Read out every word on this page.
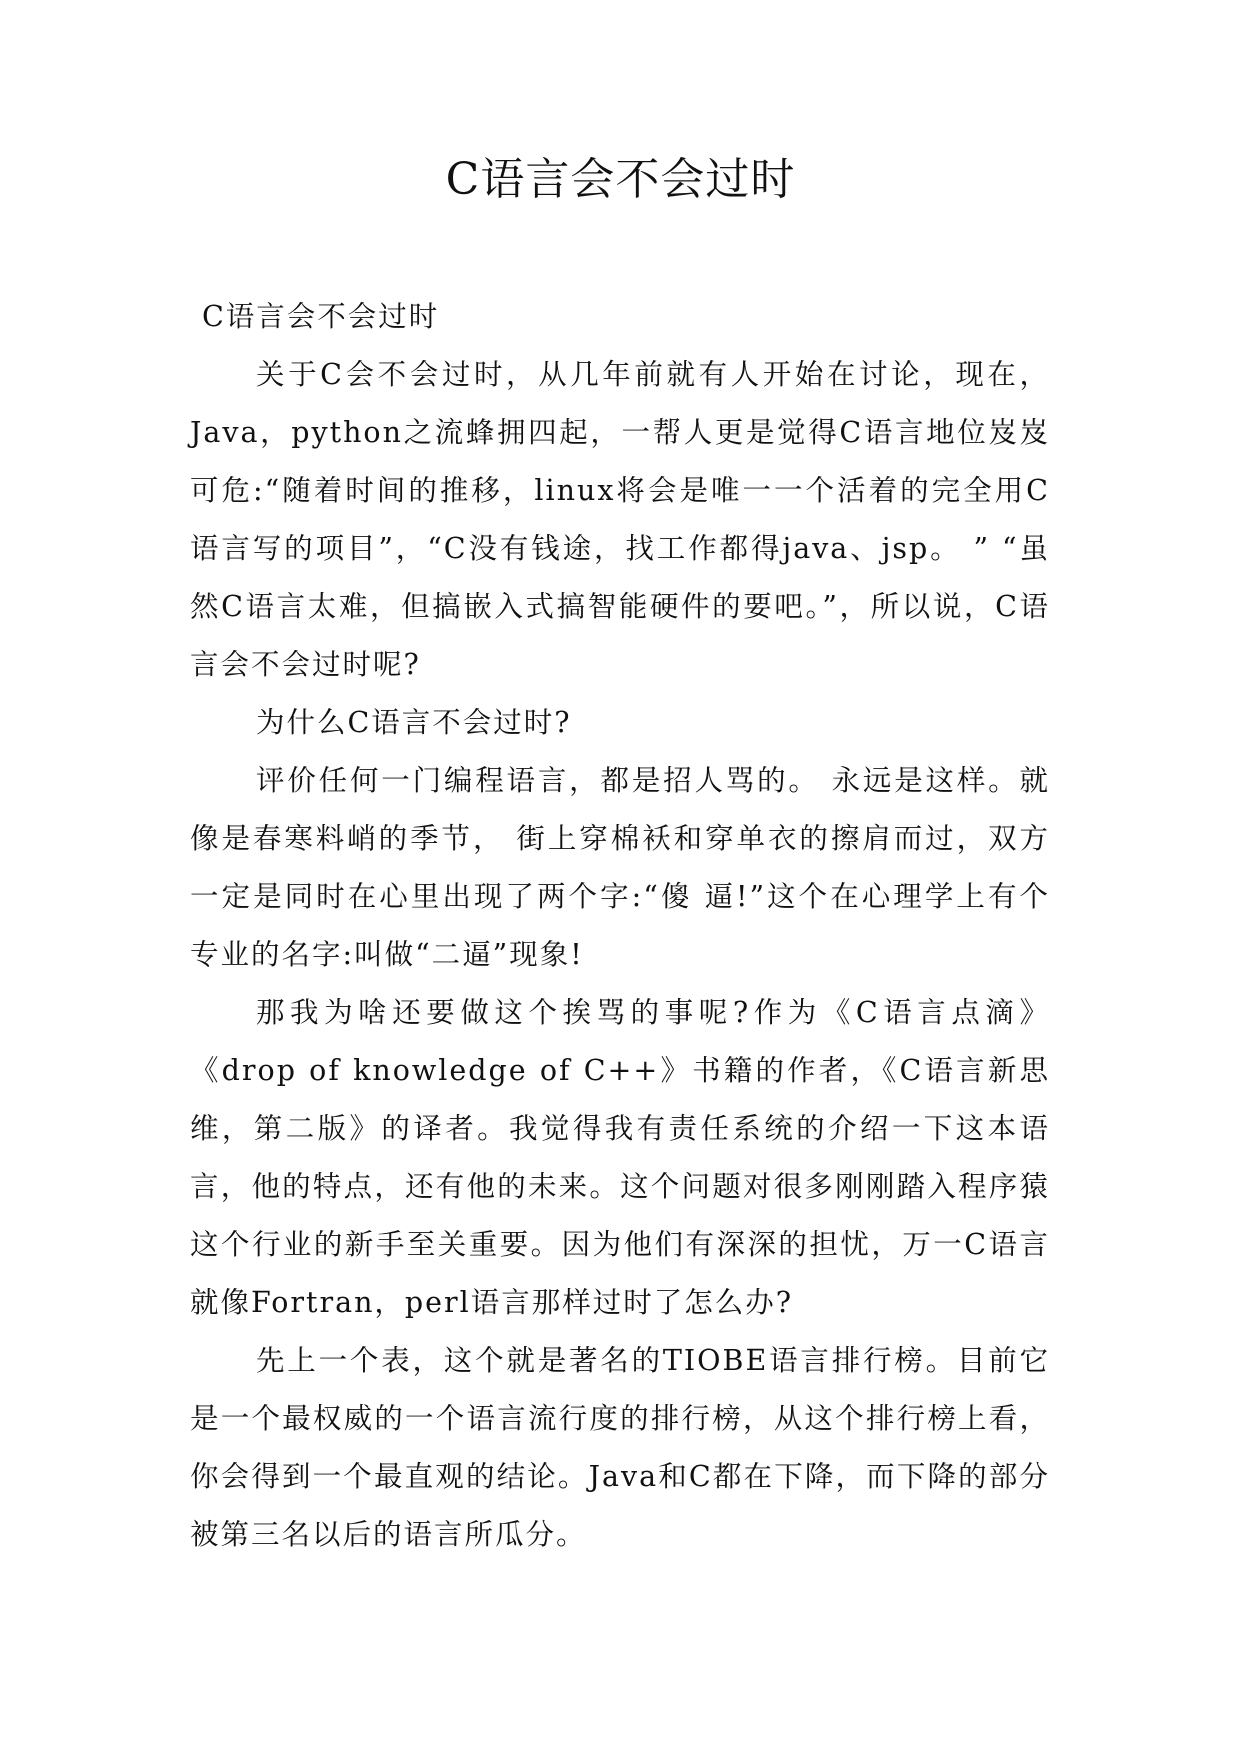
C语言会不会过时

C语言会不会过时

关于C会不会过时，从几年前就有人开始在讨论，现在，Java，python之流蜂拥四起，一帮人更是觉得C语言地位岌岌可危:“随着时间的推移，linux将会是唯一一个活着的完全用C语言写的项目”，“C没有钱途，找工作都得java、jsp。 ” “虽然C语言太难，但搞嵌入式搞智能硬件的要吧。”，所以说，C语言会不会过时呢?

为什么C语言不会过时?

评价任何一门编程语言，都是招人骂的。 永远是这样。就像是春寒料峭的季节， 街上穿棉袄和穿单衣的擦肩而过，双方一定是同时在心里出现了两个字:“傻 逼!”这个在心理学上有个专业的名字:叫做“二逼”现象!

那我为啥还要做这个挨骂的事呢?作为《C语言点滴》《drop of knowledge of C++》书籍的作者，《C语言新思维，第二版》的译者。我觉得我有责任系统的介绍一下这本语言，他的特点，还有他的未来。这个问题对很多刚刚踏入程序猿这个行业的新手至关重要。因为他们有深深的担忧，万一C语言就像Fortran，perl语言那样过时了怎么办?

先上一个表，这个就是著名的TIOBE语言排行榜。目前它是一个最权威的一个语言流行度的排行榜，从这个排行榜上看，你会得到一个最直观的结论。Java和C都在下降，而下降的部分被第三名以后的语言所瓜分。
